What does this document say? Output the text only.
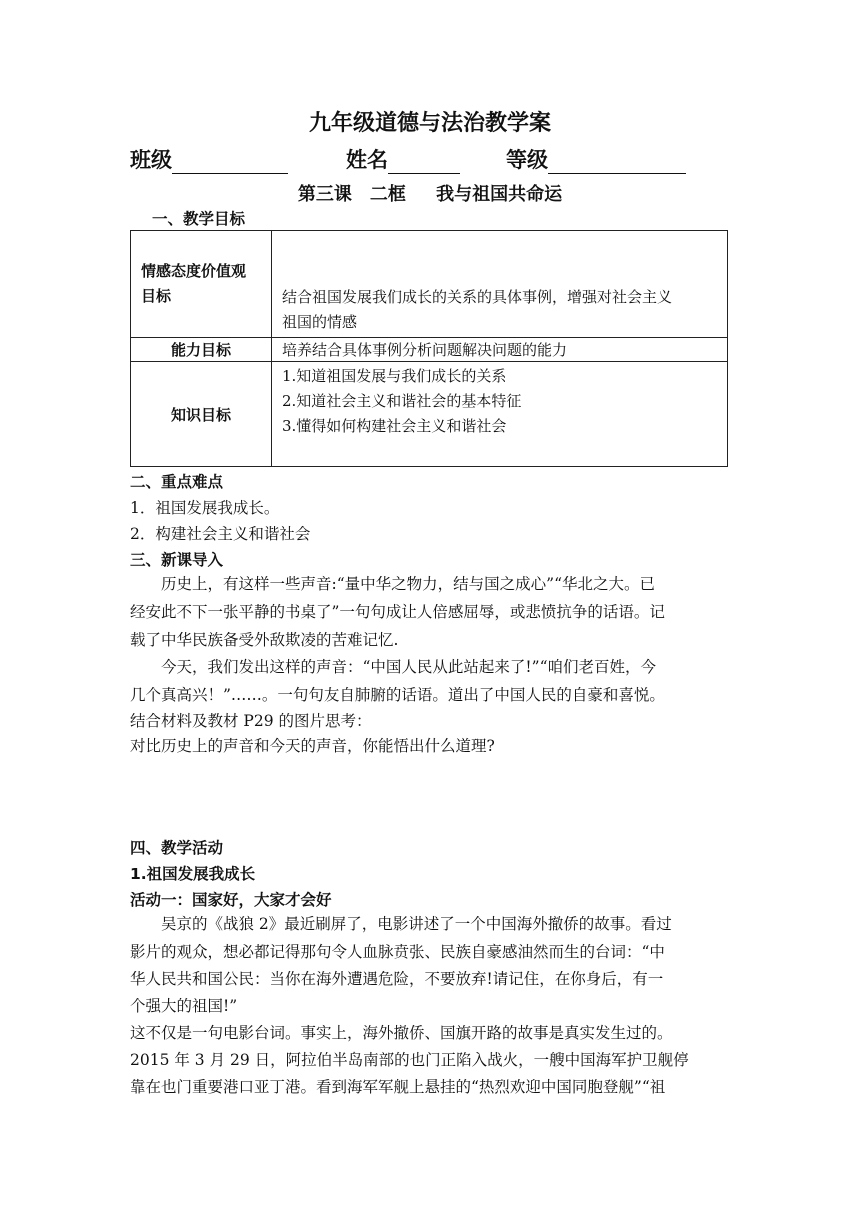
九年级道德与法治教学案
班级	姓名	等级
第三课　二框　 我与祖国共命运
一、教学目标
情感态度价值观
目标	结合祖国发展我们成长的关系的具体事例，增强对社会主义
祖国的情感

能力目标	培养结合具体事例分析问题解决问题的能力
知识目标	1.知道祖国发展与我们成长的关系
2.知道社会主义和谐社会的基本特征
3.懂得如何构建社会主义和谐社会
二、重点难点
1．祖国发展我成长。
2．构建社会主义和谐社会
三、新课导入
历史上，有这样一些声音:“量中华之物力，结与国之成心”“华北之大。已
经安此不下一张平静的书桌了”一句句成让人倍感屈辱，或悲愤抗争的话语。记
载了中华民族备受外敌欺凌的苦难记忆.
今天，我们发出这样的声音：“中国人民从此站起来了!”“咱们老百姓，今
几个真高兴！”……。一句句友自肺腑的话语。道出了中国人民的自豪和喜悦。
结合材料及教材 P29 的图片思考：
对比历史上的声音和今天的声音，你能悟出什么道理?
四、教学活动
1.祖国发展我成长
活动一：国家好，大家才会好
吴京的《战狼 2》最近刷屏了，电影讲述了一个中国海外撤侨的故事。看过
影片的观众，想必都记得那句令人血脉贲张、民族自豪感油然而生的台词：“中
华人民共和国公民：当你在海外遭遇危险，不要放弃!请记住，在你身后，有一
个强大的祖国!”
这不仅是一句电影台词。事实上，海外撤侨、国旗开路的故事是真实发生过的。
2015 年 3 月 29 日，阿拉伯半岛南部的也门正陷入战火，一艘中国海军护卫舰停
靠在也门重要港口亚丁港。看到海军军舰上悬挂的“热烈欢迎中国同胞登舰”“祖
